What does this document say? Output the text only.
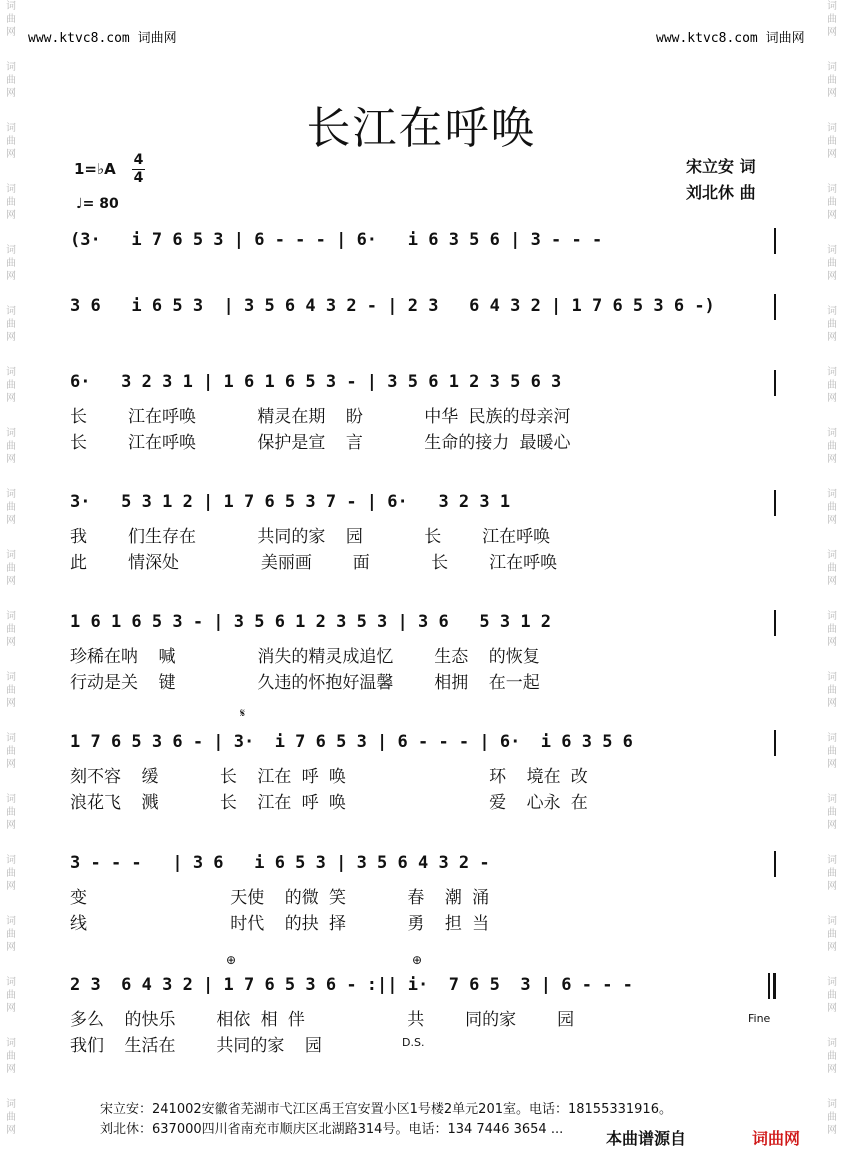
词
曲
网
词
曲
网
词
曲
网
词
曲
网
词
曲
网
词
曲
网
词
曲
网
词
曲
网
词
曲
网
词
曲
网
词
曲
网
词
曲
网
词
曲
网
词
曲
网
词
曲
网
词
曲
网
词
曲
网
词
曲
网
词
曲
网
词
曲
网
词
曲
网
词
曲
网
词
曲
网
词
曲
网
词
曲
网
词
曲
网
词
曲
网
词
曲
网
词
曲
网
词
曲
网
词
曲
网
词
曲
网
词
曲
网
词
曲
网
词
曲
网
词
曲
网
词
曲
网
词
曲
网
www.ktvc8.com 词曲网	www.ktvc8.com 词曲网
长江在呼唤
1=♭A 4
4
♩= 80
宋立安 词
刘北休 曲
(3·   i 7 6 5 3 | 6 - - - | 6·   i 6 3 5 6 | 3 - - -
3 6   i 6 5 3  | 3 5 6 4 3 2 - | 2 3   6 4 3 2 | 1 7 6 5 3 6 -)
6·   3 2 3 1 | 1 6 1 6 5 3 - | 3 5 6 1 2 3 5 6 3
长    江在呼唤      精灵在期  盼      中华 民族的母亲河
长    江在呼唤      保护是宣  言      生命的接力 最暖心
3·   5 3 1 2 | 1 7 6 5 3 7 - | 6·   3 2 3 1
我    们生存在      共同的家  园      长    江在呼唤
此    情深处        美丽画    面      长    江在呼唤
1 6 1 6 5 3 - | 3 5 6 1 2 3 5 3 | 3 6   5 3 1 2
珍稀在呐  喊        消失的精灵成追忆    生态  的恢复
行动是关  键        久违的怀抱好温馨    相拥  在一起
𝄋
1 7 6 5 3 6 - | 3·  i 7 6 5 3 | 6 - - - | 6·  i 6 3 5 6
刻不容  缓      长  江在 呼 唤              环  境在 改
浪花飞  溅      长  江在 呼 唤              爱  心永 在
3 - - -   | 3 6   i 6 5 3 | 3 5 6 4 3 2 -
变              天使  的微 笑      春  潮 涌
线              时代  的抉 择      勇  担 当
⊕	⊕
2 3  6 4 3 2 | 1 7 6 5 3 6 - :|| i·  7 6 5  3 | 6 - - -
多么  的快乐    相依 相 伴          共    同的家    园
我们  生活在    共同的家  园	D.S.
Fine
宋立安：241002安徽省芜湖市弋江区禹王宫安置小区1号楼2单元201室。电话：18155331916。
刘北休：637000四川省南充市顺庆区北湖路314号。电话：134 7446 3654 ...	本曲谱源自	词曲网
